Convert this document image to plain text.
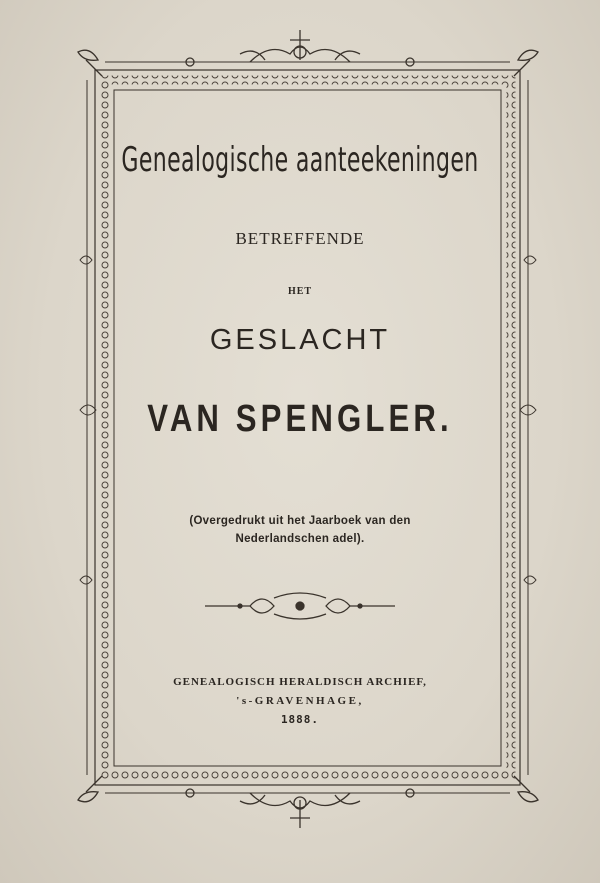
Genealogische aanteekeningen
BETREFFENDE
HET
GESLACHT
VAN SPENGLER.
(Overgedrukt uit het Jaarboek van den
Nederlandschen adel).
GENEALOGISCH HERALDISCH ARCHIEF,
's-GRAVENHAGE,
1888.
